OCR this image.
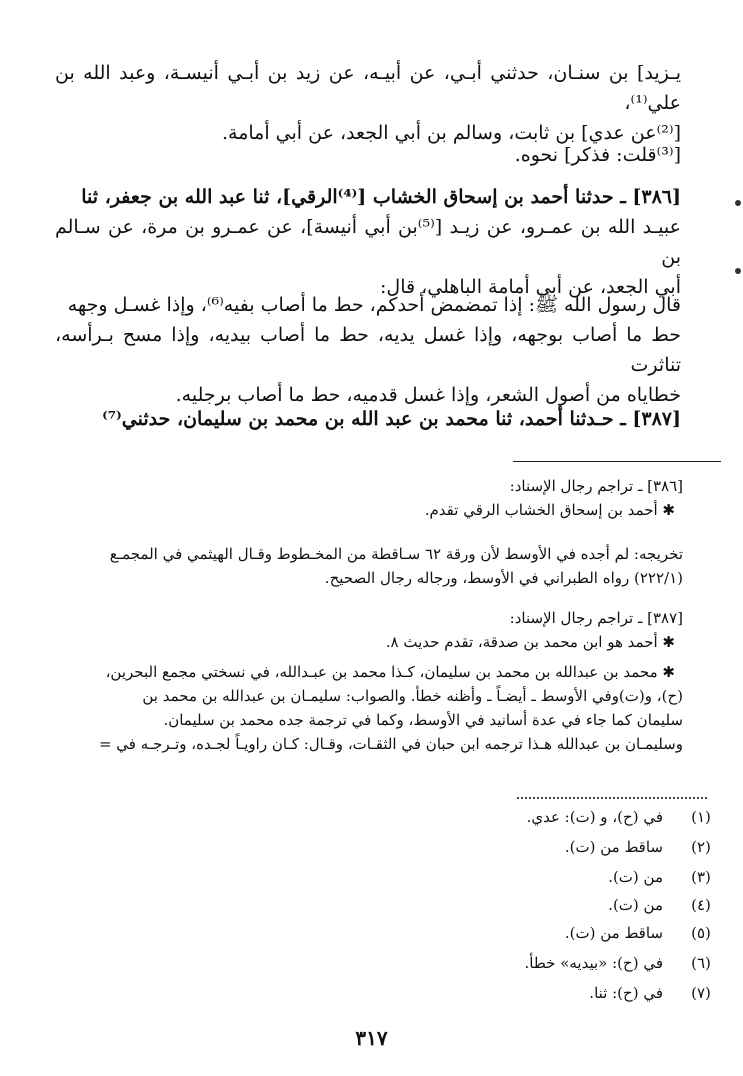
يـزيد] بن سنـان، حدثني أبـي، عن أبيـه، عن زيد بن أبـي أنيسـة، وعبد الله بن علي⁽¹⁾،
[⁽²⁾عن عدي] بن ثابت، وسالم بن أبي الجعد، عن أبي أمامة.
[⁽³⁾قلت: فذكر] نحوه.
[٣٨٦] ـ حدثنا أحمد بن إسحاق الخشاب [⁽⁴⁾الرقي]، ثنا عبد الله بن جعفر، ثنا
عبيـد الله بن عمـرو، عن زيـد [⁽⁵⁾بن أبي أنيسة]، عن عمـرو بن مرة، عن سـالم بن
أبي الجعد، عن أبي أمامة الباهلي، قال:
قال رسول الله ﷺ: إذا تمضمض أحدكم، حط ما أصاب بفيه⁽⁶⁾، وإذا غسـل وجهه
حط ما أصاب بوجهه، وإذا غسل يديه، حط ما أصاب بيديه، وإذا مسح بـرأسه، تناثرت
خطاياه من أصول الشعر، وإذا غسل قدميه، حط ما أصاب برجليه.
[٣٨٧] ـ حـدثنا أحمد، ثنا محمد بن عبد الله بن محمد بن سليمان، حدثني⁽⁷⁾
[٣٨٦] ـ تراجم رجال الإسناد:
✱ أحمد بن إسحاق الخشاب الرقي تقدم.
تخريجه: لم أجده في الأوسط لأن ورقة ٦٢ سـاقطة من المخـطوط وقـال الهيثمي في المجمـع
(٢٢٢/١) رواه الطبراني في الأوسط، ورجاله رجال الصحيح.
[٣٨٧] ـ تراجم رجال الإسناد:
✱ أحمد هو ابن محمد بن صدقة، تقدم حديث ٨.
✱ محمد بن عبدالله بن محمد بن سليمان، كـذا محمد بن عبـدالله، في نسختي مجمع البحرين،
(ح)، و(ت)وفي الأوسط ـ أيضـاً ـ وأظنه خطأ. والصواب: سليمـان بن عبدالله بن محمد بن
سليمان كما جاء في عدة أسانيد في الأوسط، وكما في ترجمة جده محمد بن سليمان.
وسليمـان بن عبدالله هـذا ترجمه ابن حبان في الثقـات، وقـال: كـان راويـاً لجـده، وتـرجـه في =
(١)
في (ح)، و (ت): عدي.
(٢)
ساقط من (ت).
(٣)
من (ت).
(٤)
من (ت).
(٥)
ساقط من (ت).
(٦)
في (ح): «بيديه» خطأ.
(٧)
في (ح): ثنا.
٣١٧
